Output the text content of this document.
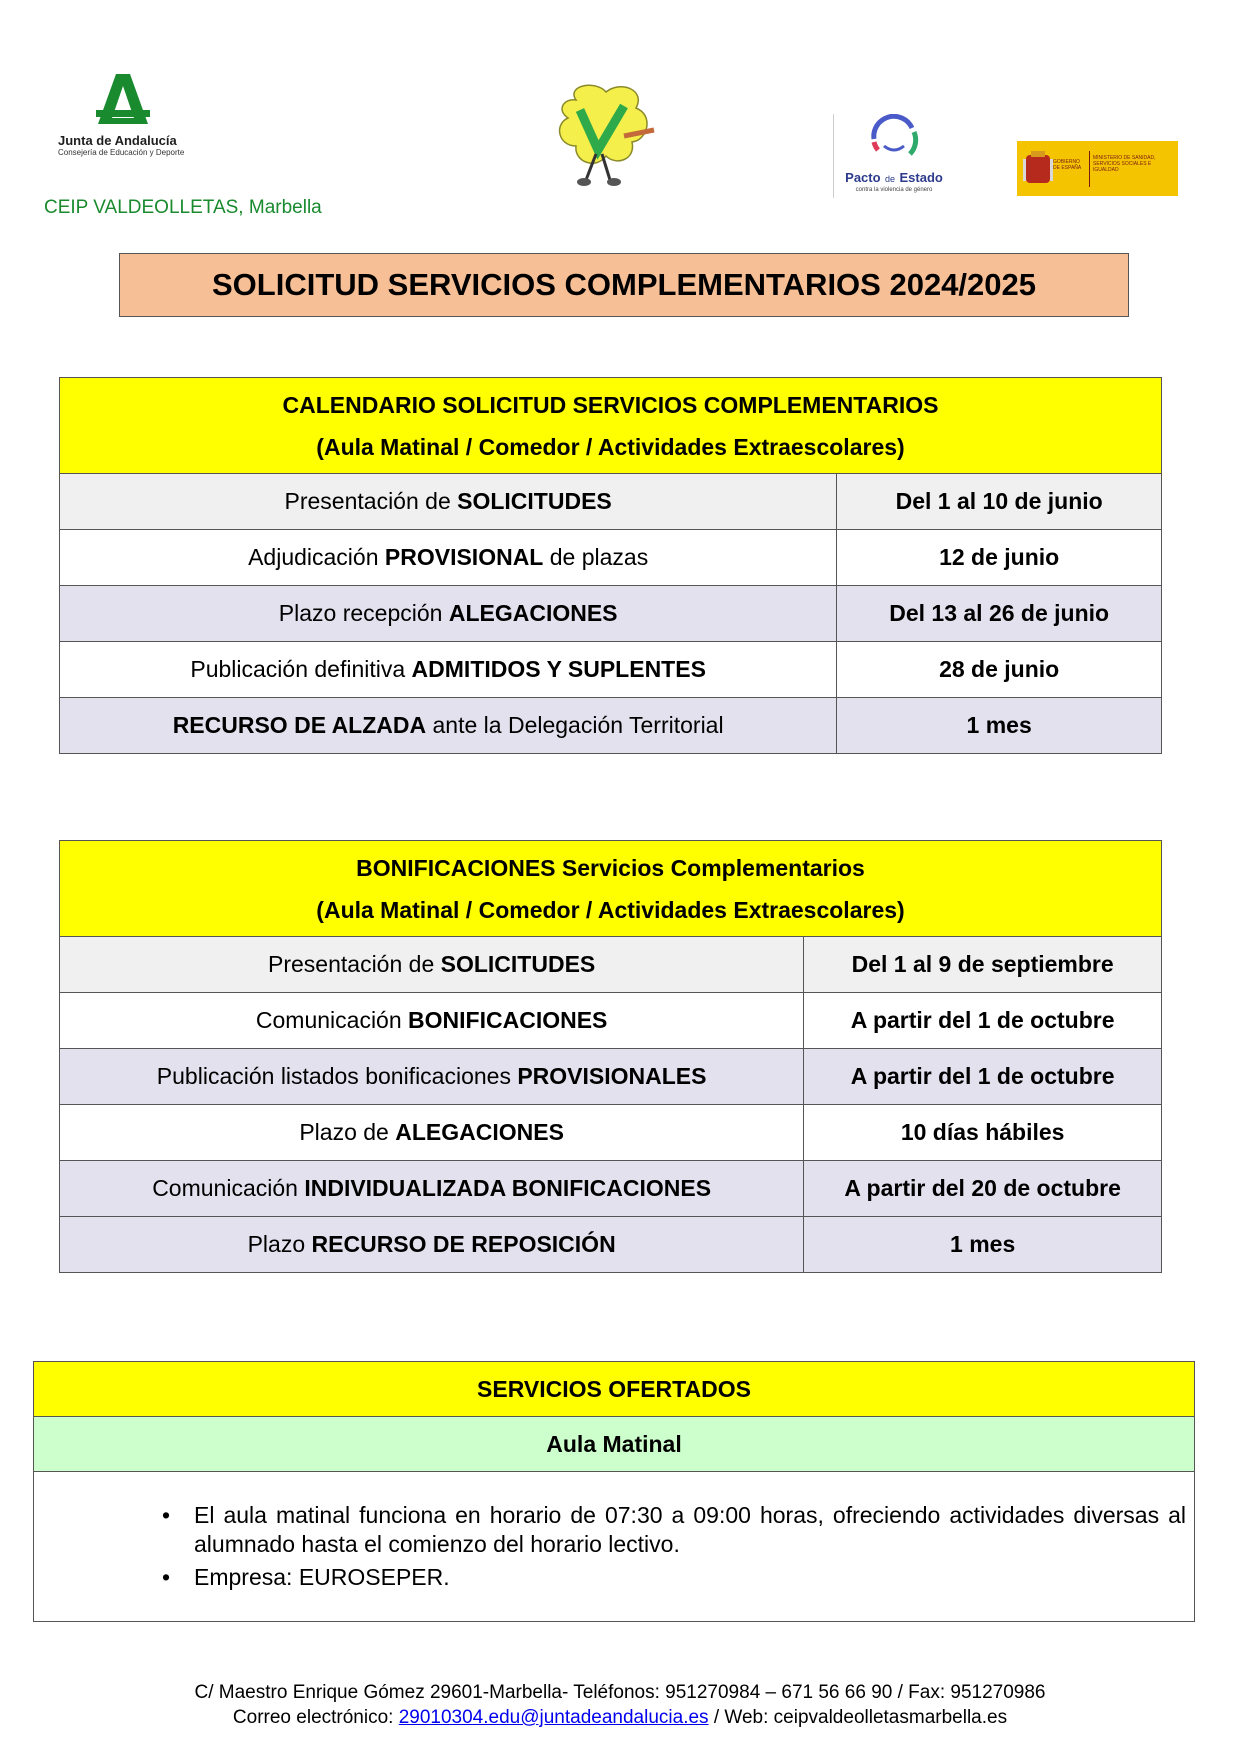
Junta de Andalucía
Consejería de Educación y Deporte
CEIP VALDEOLLETAS, Marbella
Pacto de Estado
contra la violencia de género
GOBIERNO DE ESPAÑA
MINISTERIO DE SANIDAD, SERVICIOS SOCIALES E IGUALDAD
SOLICITUD SERVICIOS COMPLEMENTARIOS 2024/2025
CALENDARIO SOLICITUD SERVICIOS COMPLEMENTARIOS
(Aula Matinal / Comedor / Actividades Extraescolares)	

Presentación de SOLICITUDES	Del 1 al 10 de junio
Adjudicación PROVISIONAL de plazas	12 de junio
Plazo recepción ALEGACIONES	Del 13 al 26 de junio
Publicación definitiva ADMITIDOS Y SUPLENTES	28 de junio
RECURSO DE ALZADA ante la Delegación Territorial	1 mes
BONIFICACIONES Servicios Complementarios
(Aula Matinal / Comedor / Actividades Extraescolares)	

Presentación de SOLICITUDES	Del 1 al 9 de septiembre
Comunicación BONIFICACIONES	A partir del 1 de octubre
Publicación listados bonificaciones PROVISIONALES	A partir del 1 de octubre
Plazo de ALEGACIONES	10 días hábiles
Comunicación INDIVIDUALIZADA BONIFICACIONES	A partir del 20 de octubre
Plazo RECURSO DE REPOSICIÓN	1 mes
SERVICIOS OFERTADOS
Aula Matinal

• El aula matinal funciona en horario de 07:30 a 09:00 horas, ofreciendo actividades diversas al alumnado hasta el comienzo del horario lectivo.
• Empresa: EUROSEPER.
C/ Maestro Enrique Gómez 29601-Marbella- Teléfonos: 951270984 – 671 56 66 90 / Fax: 951270986
Correo electrónico: 29010304.edu@juntadeandalucia.es / Web: ceipvaldeolletasmarbella.es
